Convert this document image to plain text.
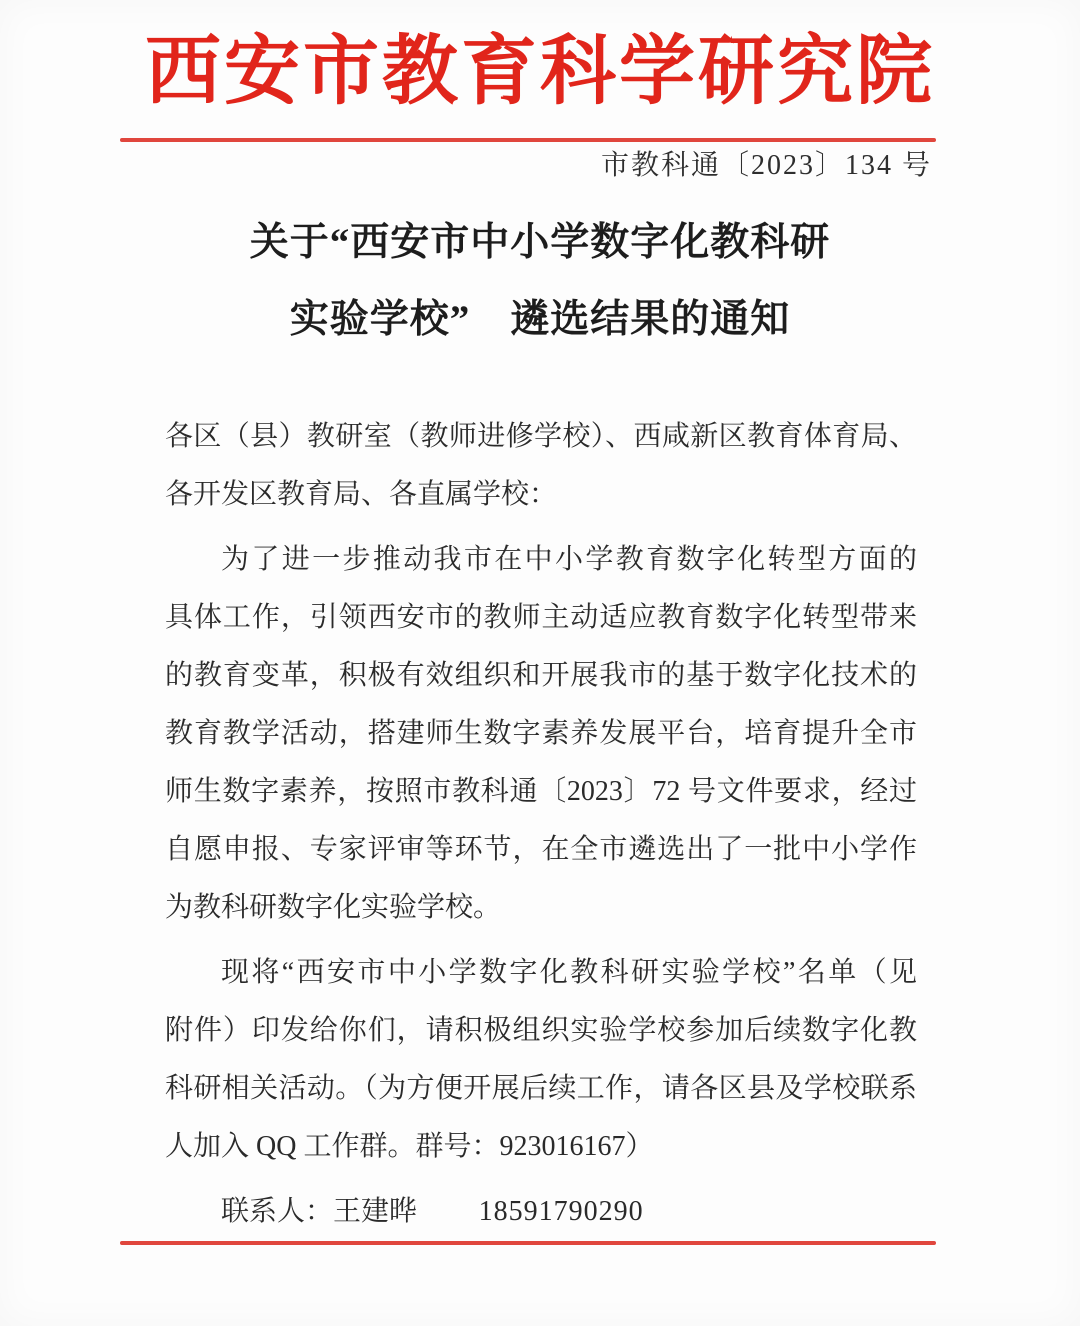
西安市教育科学研究院
市教科通〔2023〕134 号
关于“西安市中小学数字化教科研
实验学校”　遴选结果的通知
各区（县）教研室（教师进修学校）、西咸新区教育体育局、
各开发区教育局、各直属学校：
为了进一步推动我市在中小学教育数字化转型方面的
具体工作，引领西安市的教师主动适应教育数字化转型带来
的教育变革，积极有效组织和开展我市的基于数字化技术的
教育教学活动，搭建师生数字素养发展平台，培育提升全市
师生数字素养，按照市教科通〔2023〕72 号文件要求，经过
自愿申报、专家评审等环节，在全市遴选出了一批中小学作
为教科研数字化实验学校。
现将“西安市中小学数字化教科研实验学校”名单（见
附件）印发给你们，请积极组织实验学校参加后续数字化教
科研相关活动。（为方便开展后续工作，请各区县及学校联系
人加入 QQ 工作群。群号：923016167）
联系人：王建晔 18591790290
